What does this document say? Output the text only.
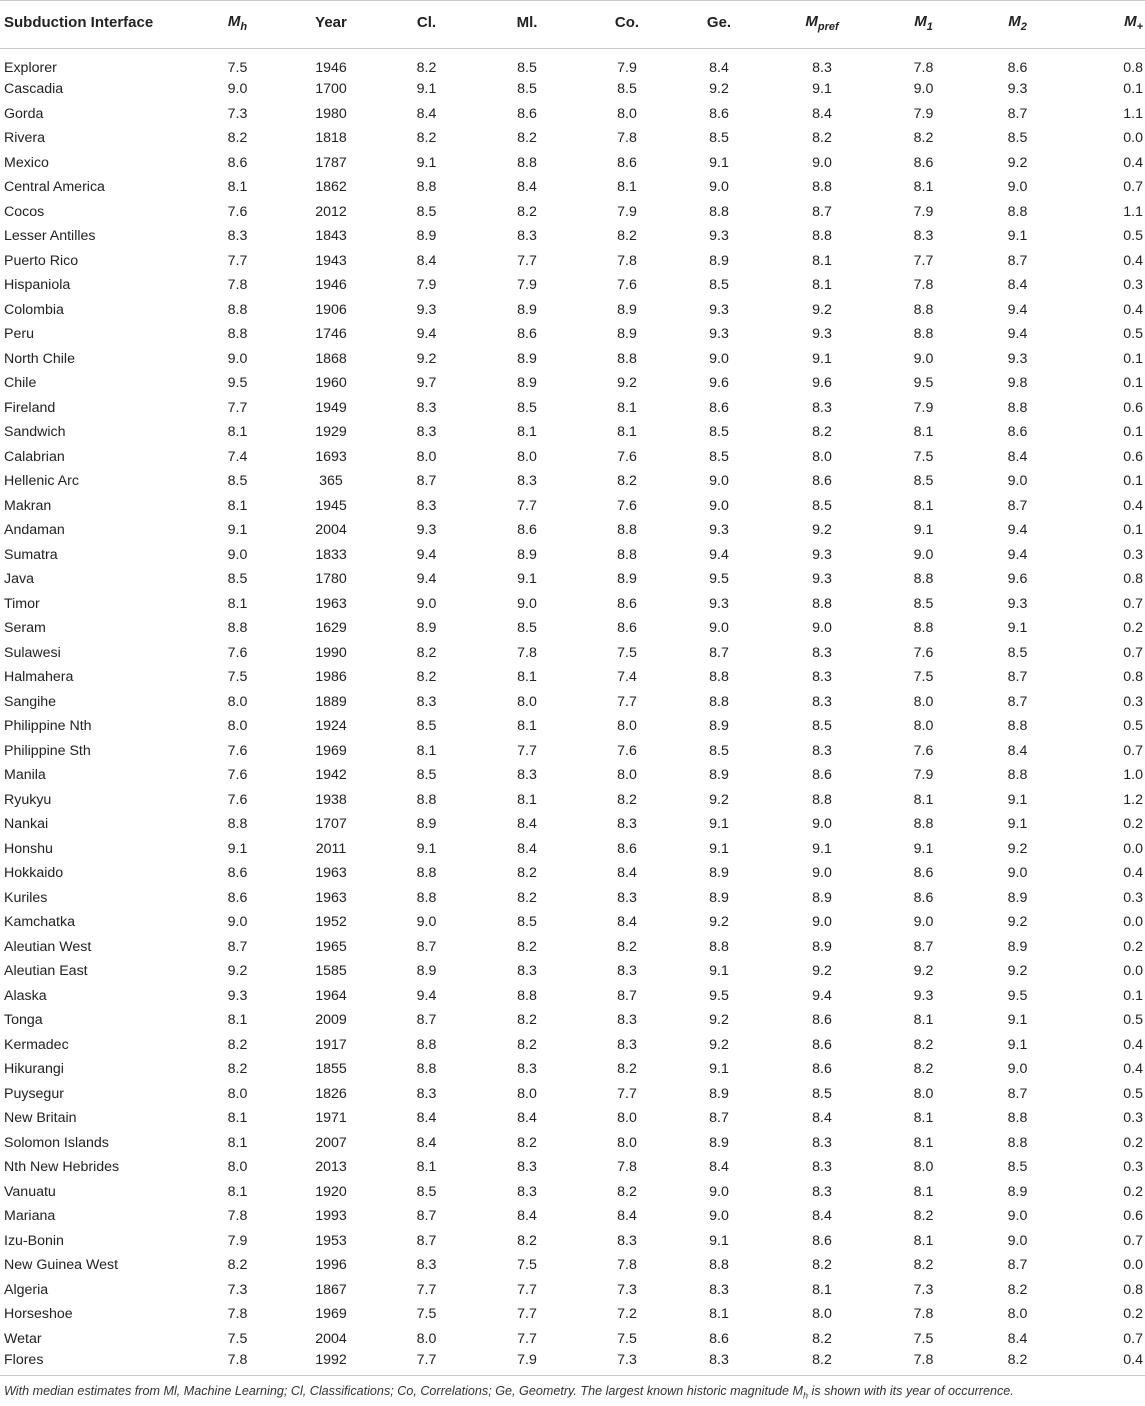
Subduction Interface	$M_h$	Year	Cl.	Ml.	Co.	Ge.	$M_{pref}$	$M_1$	$M_2$	$M_+$
Explorer	7.5	1946	8.2	8.5	7.9	8.4	8.3	7.8	8.6	0.8
Cascadia	9.0	1700	9.1	8.5	8.5	9.2	9.1	9.0	9.3	0.1
Gorda	7.3	1980	8.4	8.6	8.0	8.6	8.4	7.9	8.7	1.1
Rivera	8.2	1818	8.2	8.2	7.8	8.5	8.2	8.2	8.5	0.0
Mexico	8.6	1787	9.1	8.8	8.6	9.1	9.0	8.6	9.2	0.4
Central America	8.1	1862	8.8	8.4	8.1	9.0	8.8	8.1	9.0	0.7
Cocos	7.6	2012	8.5	8.2	7.9	8.8	8.7	7.9	8.8	1.1
Lesser Antilles	8.3	1843	8.9	8.3	8.2	9.3	8.8	8.3	9.1	0.5
Puerto Rico	7.7	1943	8.4	7.7	7.8	8.9	8.1	7.7	8.7	0.4
Hispaniola	7.8	1946	7.9	7.9	7.6	8.5	8.1	7.8	8.4	0.3
Colombia	8.8	1906	9.3	8.9	8.9	9.3	9.2	8.8	9.4	0.4
Peru	8.8	1746	9.4	8.6	8.9	9.3	9.3	8.8	9.4	0.5
North Chile	9.0	1868	9.2	8.9	8.8	9.0	9.1	9.0	9.3	0.1
Chile	9.5	1960	9.7	8.9	9.2	9.6	9.6	9.5	9.8	0.1
Fireland	7.7	1949	8.3	8.5	8.1	8.6	8.3	7.9	8.8	0.6
Sandwich	8.1	1929	8.3	8.1	8.1	8.5	8.2	8.1	8.6	0.1
Calabrian	7.4	1693	8.0	8.0	7.6	8.5	8.0	7.5	8.4	0.6
Hellenic Arc	8.5	365	8.7	8.3	8.2	9.0	8.6	8.5	9.0	0.1
Makran	8.1	1945	8.3	7.7	7.6	9.0	8.5	8.1	8.7	0.4
Andaman	9.1	2004	9.3	8.6	8.8	9.3	9.2	9.1	9.4	0.1
Sumatra	9.0	1833	9.4	8.9	8.8	9.4	9.3	9.0	9.4	0.3
Java	8.5	1780	9.4	9.1	8.9	9.5	9.3	8.8	9.6	0.8
Timor	8.1	1963	9.0	9.0	8.6	9.3	8.8	8.5	9.3	0.7
Seram	8.8	1629	8.9	8.5	8.6	9.0	9.0	8.8	9.1	0.2
Sulawesi	7.6	1990	8.2	7.8	7.5	8.7	8.3	7.6	8.5	0.7
Halmahera	7.5	1986	8.2	8.1	7.4	8.8	8.3	7.5	8.7	0.8
Sangihe	8.0	1889	8.3	8.0	7.7	8.8	8.3	8.0	8.7	0.3
Philippine Nth	8.0	1924	8.5	8.1	8.0	8.9	8.5	8.0	8.8	0.5
Philippine Sth	7.6	1969	8.1	7.7	7.6	8.5	8.3	7.6	8.4	0.7
Manila	7.6	1942	8.5	8.3	8.0	8.9	8.6	7.9	8.8	1.0
Ryukyu	7.6	1938	8.8	8.1	8.2	9.2	8.8	8.1	9.1	1.2
Nankai	8.8	1707	8.9	8.4	8.3	9.1	9.0	8.8	9.1	0.2
Honshu	9.1	2011	9.1	8.4	8.6	9.1	9.1	9.1	9.2	0.0
Hokkaido	8.6	1963	8.8	8.2	8.4	8.9	9.0	8.6	9.0	0.4
Kuriles	8.6	1963	8.8	8.2	8.3	8.9	8.9	8.6	8.9	0.3
Kamchatka	9.0	1952	9.0	8.5	8.4	9.2	9.0	9.0	9.2	0.0
Aleutian West	8.7	1965	8.7	8.2	8.2	8.8	8.9	8.7	8.9	0.2
Aleutian East	9.2	1585	8.9	8.3	8.3	9.1	9.2	9.2	9.2	0.0
Alaska	9.3	1964	9.4	8.8	8.7	9.5	9.4	9.3	9.5	0.1
Tonga	8.1	2009	8.7	8.2	8.3	9.2	8.6	8.1	9.1	0.5
Kermadec	8.2	1917	8.8	8.2	8.3	9.2	8.6	8.2	9.1	0.4
Hikurangi	8.2	1855	8.8	8.3	8.2	9.1	8.6	8.2	9.0	0.4
Puysegur	8.0	1826	8.3	8.0	7.7	8.9	8.5	8.0	8.7	0.5
New Britain	8.1	1971	8.4	8.4	8.0	8.7	8.4	8.1	8.8	0.3
Solomon Islands	8.1	2007	8.4	8.2	8.0	8.9	8.3	8.1	8.8	0.2
Nth New Hebrides	8.0	2013	8.1	8.3	7.8	8.4	8.3	8.0	8.5	0.3
Vanuatu	8.1	1920	8.5	8.3	8.2	9.0	8.3	8.1	8.9	0.2
Mariana	7.8	1993	8.7	8.4	8.4	9.0	8.4	8.2	9.0	0.6
Izu-Bonin	7.9	1953	8.7	8.2	8.3	9.1	8.6	8.1	9.0	0.7
New Guinea West	8.2	1996	8.3	7.5	7.8	8.8	8.2	8.2	8.7	0.0
Algeria	7.3	1867	7.7	7.7	7.3	8.3	8.1	7.3	8.2	0.8
Horseshoe	7.8	1969	7.5	7.7	7.2	8.1	8.0	7.8	8.0	0.2
Wetar	7.5	2004	8.0	7.7	7.5	8.6	8.2	7.5	8.4	0.7
Flores	7.8	1992	7.7	7.9	7.3	8.3	8.2	7.8	8.2	0.4
With median estimates from Ml, Machine Learning; Cl, Classifications; Co, Correlations; Ge, Geometry. The largest known historic magnitude $M_h$ is shown with its year of occurrence.
